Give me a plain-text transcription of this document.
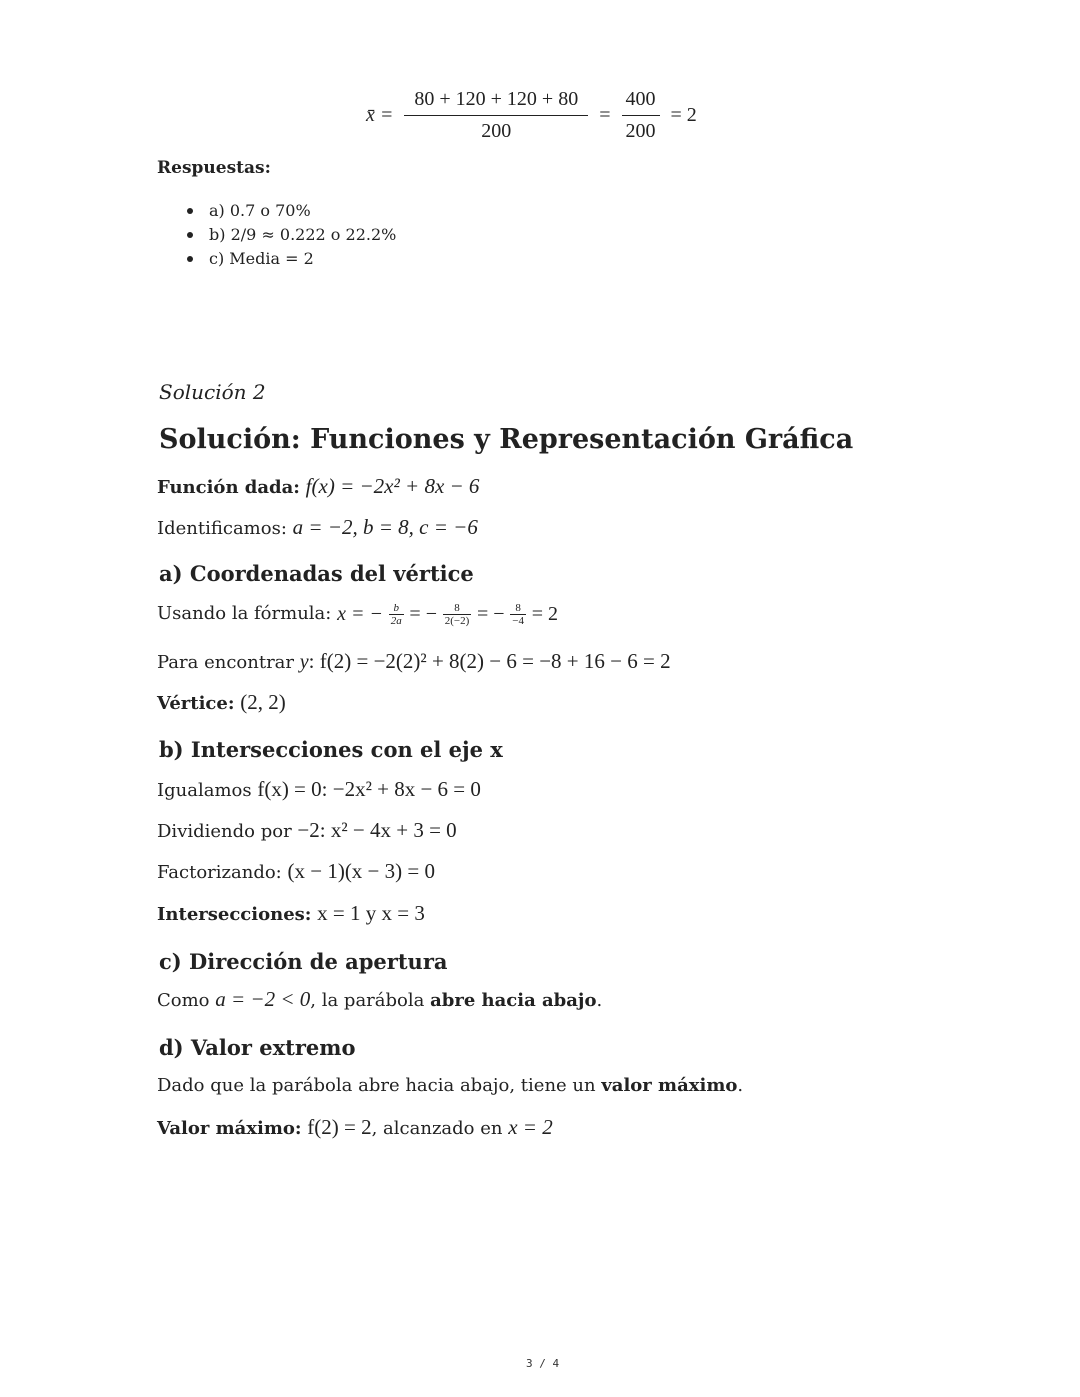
x̄ = $\frac{80 + 120 + 120 + 80}{200} = \frac{400}{200} = 2$
Respuestas:
a) 0.7 o 70%
b) 2/9 ≈ 0.222 o 22.2%
c) Media = 2
Solución 2
Solución: Funciones y Representación Gráfica
Función dada: f(x) = −2x² + 8x − 6
Identificamos: a = −2, b = 8, c = −6
a) Coordenadas del vértice
Usando la fórmula: x = − $\frac{b}{2a}$ = − $\frac{8}{2(-2)}$ = − $\frac{8}{-4} = 2$
Para encontrar y: f(2) = −2(2)² + 8(2) − 6 = −8 + 16 − 6 = 2
Vértice: (2, 2)
b) Intersecciones con el eje x
Igualamos f(x) = 0: −2x² + 8x − 6 = 0
Dividiendo por −2: x² − 4x + 3 = 0
Factorizando: (x − 1)(x − 3) = 0
Intersecciones: x = 1 y x = 3
c) Dirección de apertura
Como a = −2 < 0, la parábola abre hacia abajo.
d) Valor extremo
Dado que la parábola abre hacia abajo, tiene un valor máximo.
Valor máximo: f(2) = 2, alcanzado en x = 2
3 / 4
